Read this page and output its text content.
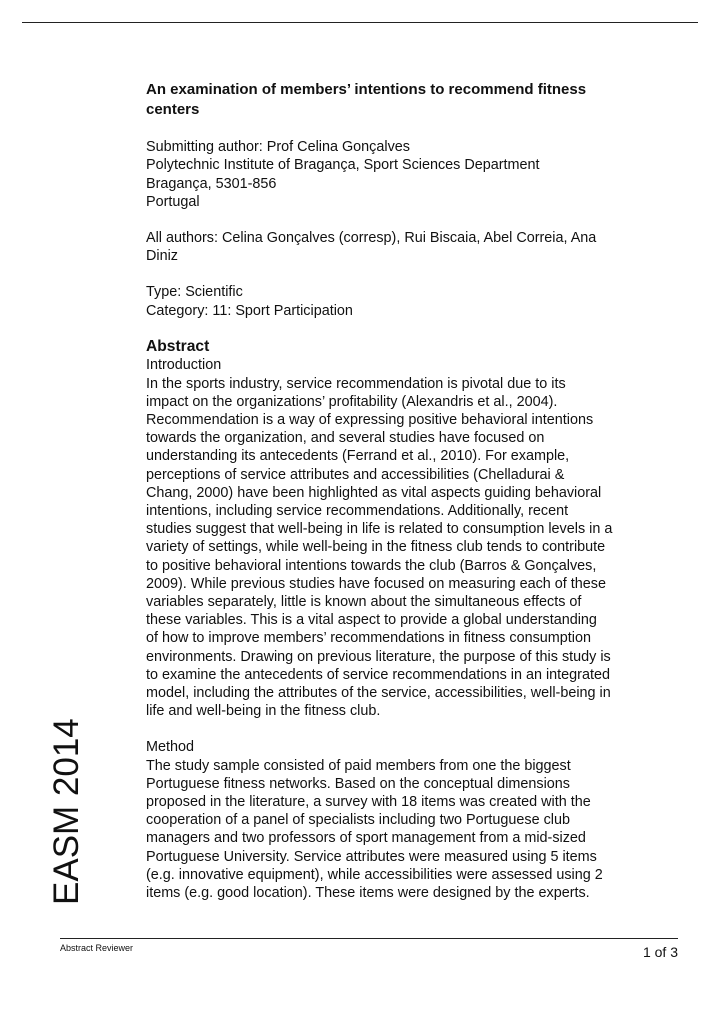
An examination of members’ intentions to recommend fitness
centers
Submitting author: Prof Celina Gonçalves
Polytechnic Institute of Bragança, Sport Sciences Department
Bragança, 5301-856
Portugal
All authors: Celina Gonçalves (corresp), Rui Biscaia, Abel Correia, Ana
Diniz
Type: Scientific
Category: 11: Sport Participation
Abstract
Introduction
In the sports industry, service recommendation is pivotal due to its
impact on the organizations’ profitability (Alexandris et al., 2004).
Recommendation is a way of expressing positive behavioral intentions
towards the organization, and several studies have focused on
understanding its antecedents (Ferrand et al., 2010). For example,
perceptions of service attributes and accessibilities (Chelladurai &
Chang, 2000) have been highlighted as vital aspects guiding behavioral
intentions, including service recommendations. Additionally, recent
studies suggest that well-being in life is related to consumption levels in a
variety of settings, while well-being in the fitness club tends to contribute
to positive behavioral intentions towards the club (Barros & Gonçalves,
2009). While previous studies have focused on measuring each of these
variables separately, little is known about the simultaneous effects of
these variables. This is a vital aspect to provide a global understanding
of how to improve members’ recommendations in fitness consumption
environments. Drawing on previous literature, the purpose of this study is
to examine the antecedents of service recommendations in an integrated
model, including the attributes of the service, accessibilities, well-being in
life and well-being in the fitness club.
Method
The study sample consisted of paid members from one the biggest
Portuguese fitness networks. Based on the conceptual dimensions
proposed in the literature, a survey with 18 items was created with the
cooperation of a panel of specialists including two Portuguese club
managers and two professors of sport management from a mid-sized
Portuguese University. Service attributes were measured using 5 items
(e.g. innovative equipment), while accessibilities were assessed using 2
items (e.g. good location). These items were designed by the experts.
EASM 2014
Abstract Reviewer	1 of 3
